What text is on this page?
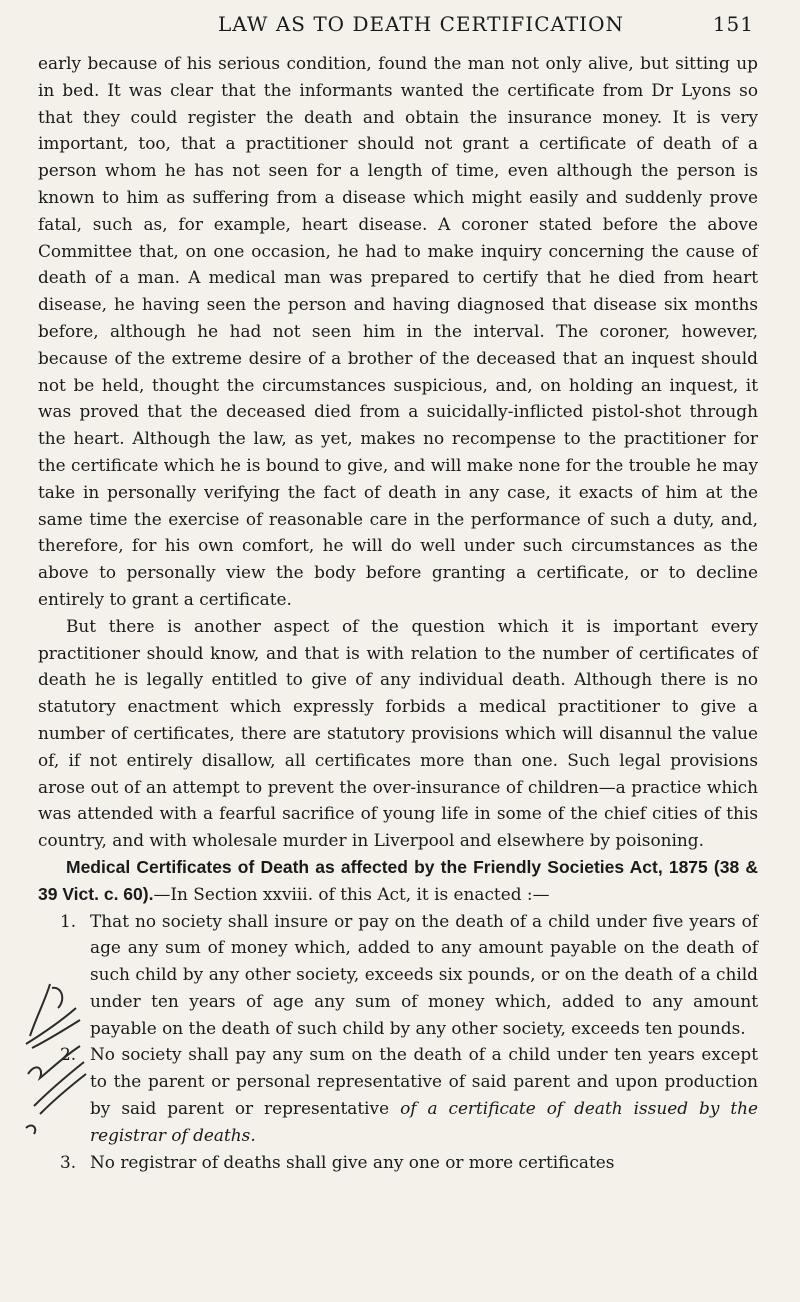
LAW AS TO DEATH CERTIFICATION	151

early because of his serious condition, found the man not only alive, but sitting up in bed. It was clear that the informants wanted the certificate from Dr Lyons so that they could register the death and obtain the insurance money. It is very important, too, that a practitioner should not grant a certificate of death of a person whom he has not seen for a length of time, even although the person is known to him as suffering from a disease which might easily and suddenly prove fatal, such as, for example, heart disease. A coroner stated before the above Committee that, on one occasion, he had to make inquiry concerning the cause of death of a man. A medical man was prepared to certify that he died from heart disease, he having seen the person and having diagnosed that disease six months before, although he had not seen him in the interval. The coroner, however, because of the extreme desire of a brother of the deceased that an inquest should not be held, thought the circumstances suspicious, and, on holding an inquest, it was proved that the deceased died from a suicidally-inflicted pistol-shot through the heart. Although the law, as yet, makes no recompense to the practitioner for the certificate which he is bound to give, and will make none for the trouble he may take in personally verifying the fact of death in any case, it exacts of him at the same time the exercise of reasonable care in the performance of such a duty, and, therefore, for his own comfort, he will do well under such circumstances as the above to personally view the body before granting a certificate, or to decline entirely to grant a certificate.

But there is another aspect of the question which it is important every practitioner should know, and that is with relation to the number of certificates of death he is legally entitled to give of any individual death. Although there is no statutory enactment which expressly forbids a medical practitioner to give a number of certificates, there are statutory provisions which will disannul the value of, if not entirely disallow, all certificates more than one. Such legal provisions arose out of an attempt to prevent the over-insurance of children—a practice which was attended with a fearful sacrifice of young life in some of the chief cities of this country, and with wholesale murder in Liverpool and elsewhere by poisoning.

Medical Certificates of Death as affected by the Friendly Societies Act, 1875 (38 & 39 Vict. c. 60).—In Section xxviii. of this Act, it is enacted :—

1. That no society shall insure or pay on the death of a child under five years of age any sum of money which, added to any amount payable on the death of such child by any other society, exceeds six pounds, or on the death of a child under ten years of age any sum of money which, added to any amount payable on the death of such child by any other society, exceeds ten pounds.
2. No society shall pay any sum on the death of a child under ten years except to the parent or personal representative of said parent and upon production by said parent or representative of a certificate of death issued by the registrar of deaths.
3. No registrar of deaths shall give any one or more certificates
